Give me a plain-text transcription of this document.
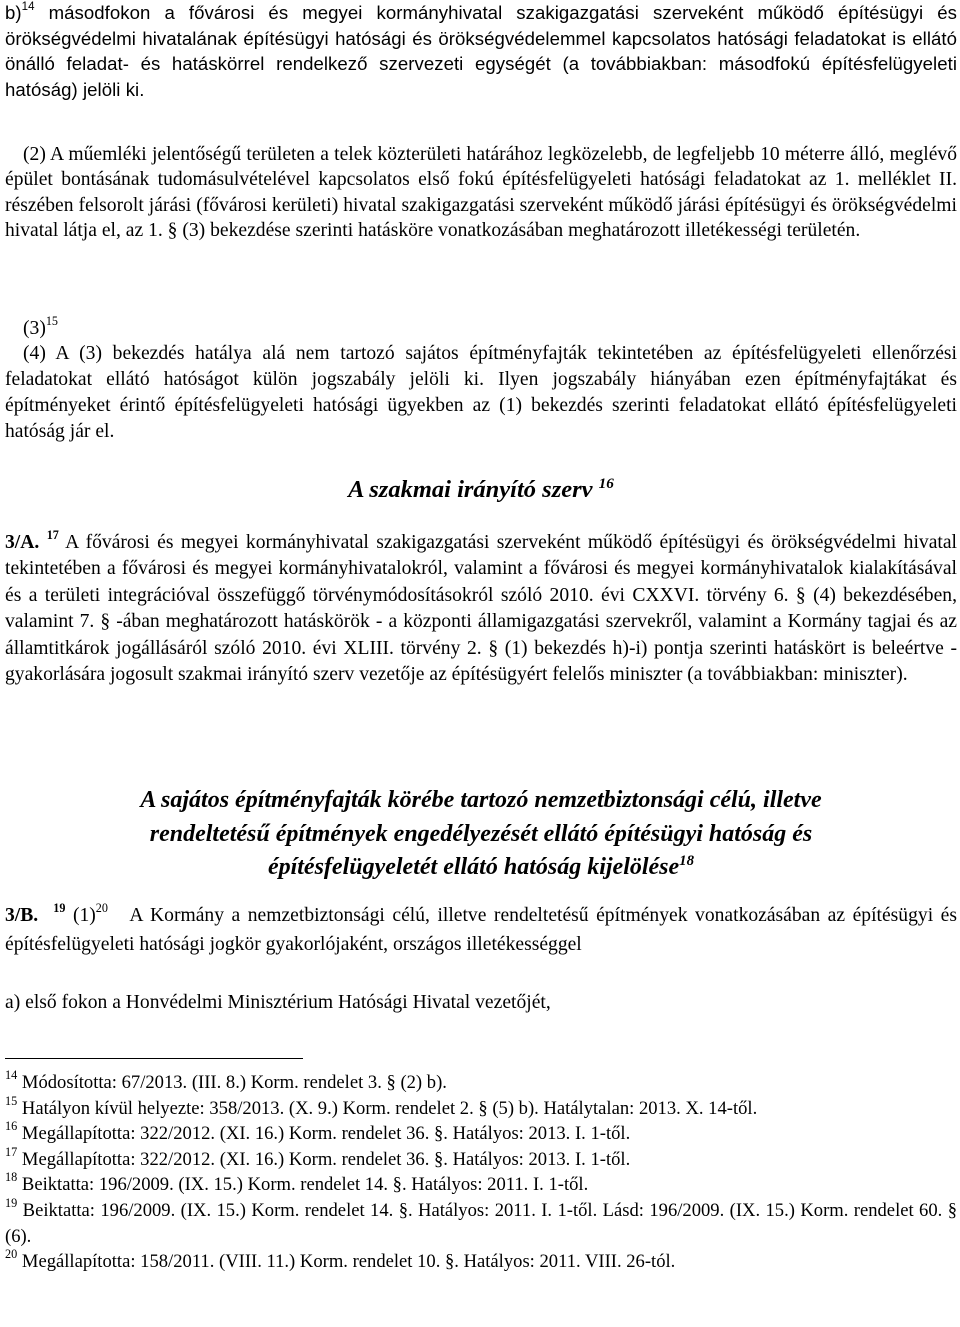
b)$^{14}$ másodfokon a fővárosi és megyei kormányhivatal szakigazgatási szerveként működő építésügyi és örökségvédelmi hivatalának építésügyi hatósági és örökségvédelemmel kapcsolatos hatósági feladatokat is ellátó önálló feladat- és hatáskörrel rendelkező szervezeti egységét (a továbbiakban: másodfokú építésfelügyeleti hatóság) jelöli ki.
(2) A műemléki jelentőségű területen a telek közterületi határához legközelebb, de legfeljebb 10 méterre álló, meglévő épület bontásának tudomásulvételével kapcsolatos első fokú építésfelügyeleti hatósági feladatokat az 1. melléklet II. részében felsorolt járási (fővárosi kerületi) hivatal szakigazgatási szerveként működő járási építésügyi és örökségvédelmi hivatal látja el, az 1. § (3) bekezdése szerinti hatásköre vonatkozásában meghatározott illetékességi területén.
$(3)^{15}$
(4) A (3) bekezdés hatálya alá nem tartozó sajátos építményfajták tekintetében az építésfelügyeleti ellenőrzési feladatokat ellátó hatóságot külön jogszabály jelöli ki. Ilyen jogszabály hiányában ezen építményfajtákat és építményeket érintő építésfelügyeleti hatósági ügyekben az (1) bekezdés szerinti feladatokat ellátó építésfelügyeleti hatóság jár el.
A szakmai irányító szerv $^{16}$
3/A. $^{17}$ A fővárosi és megyei kormányhivatal szakigazgatási szerveként működő építésügyi és örökségvédelmi hivatal tekintetében a fővárosi és megyei kormányhivatalokról, valamint a fővárosi és megyei kormányhivatalok kialakításával és a területi integrációval összefüggő törvénymódosításokról szóló 2010. évi CXXVI. törvény 6. § (4) bekezdésében, valamint 7. § -ában meghatározott hatáskörök - a központi államigazgatási szervekről, valamint a Kormány tagjai és az államtitkárok jogállásáról szóló 2010. évi XLIII. törvény 2. § (1) bekezdés h)-i) pontja szerinti hatáskört is beleértve - gyakorlására jogosult szakmai irányító szerv vezetője az építésügyért felelős miniszter (a továbbiakban: miniszter).
A sajátos építményfajták körébe tartozó nemzetbiztonsági célú, illetve
rendeltetésű építmények engedélyezését ellátó építésügyi hatóság és
építésfelügyeletét ellátó hatóság kijelölése$^{18}$
3/B. $^{19}$ $(1)^{20}$ A Kormány a nemzetbiztonsági célú, illetve rendeltetésű építmények vonatkozásában az építésügyi és építésfelügyeleti hatósági jogkör gyakorlójaként, országos illetékességgel
a) első fokon a Honvédelmi Minisztérium Hatósági Hivatal vezetőjét,
$^{14}$ Módosította: 67/2013. (III. 8.) Korm. rendelet 3. § (2) b).
$^{15}$ Hatályon kívül helyezte: 358/2013. (X. 9.) Korm. rendelet 2. § (5) b). Hatálytalan: 2013. X. 14-től.
$^{16}$ Megállapította: 322/2012. (XI. 16.) Korm. rendelet 36. §. Hatályos: 2013. I. 1-től.
$^{17}$ Megállapította: 322/2012. (XI. 16.) Korm. rendelet 36. §. Hatályos: 2013. I. 1-től.
$^{18}$ Beiktatta: 196/2009. (IX. 15.) Korm. rendelet 14. §. Hatályos: 2011. I. 1-től.
$^{19}$ Beiktatta: 196/2009. (IX. 15.) Korm. rendelet 14. §. Hatályos: 2011. I. 1-től. Lásd: 196/2009. (IX. 15.) Korm. rendelet 60. § (6).
$^{20}$ Megállapította: 158/2011. (VIII. 11.) Korm. rendelet 10. §. Hatályos: 2011. VIII. 26-tól.
